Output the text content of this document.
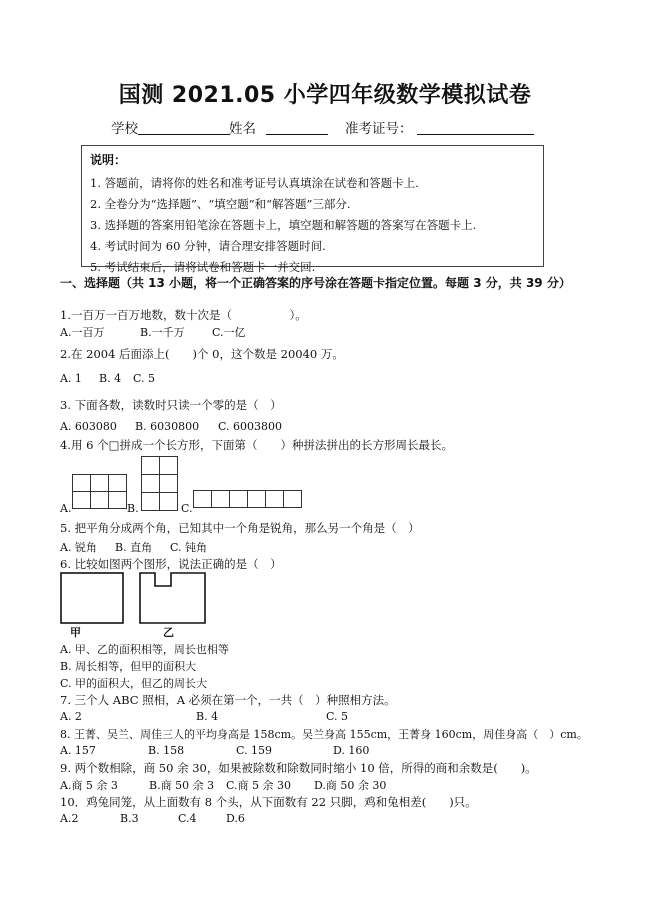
国测 2021.05 小学四年级数学模拟试卷
学校	姓名	准考证号：
说明：
1. 答题前，请将你的姓名和准考证号认真填涂在试卷和答题卡上.
2. 全卷分为“选择题”、“填空题”和“解答题”三部分.
3. 选择题的答案用铅笔涂在答题卡上，填空题和解答题的答案写在答题卡上.
4. 考试时间为 60 分钟，请合理安排答题时间.
5. 考试结束后，请将试卷和答题卡一并交回.
一、选择题（共 13 小题，将一个正确答案的序号涂在答题卡指定位置。每题 3 分，共 39 分）
1.一百万一百万地数，数十次是（　　　　　）。
A.一百万	B.一千万 C.一亿
2.在 2004 后面添上(　　)个 0，这个数是 20040 万。
A. 1 B. 4 C. 5
3. 下面各数，读数时只读一个零的是（　）
A. 603080 B. 6030800 C. 6003800
4.用 6 个□拼成一个长方形，下面第（　　）种拼法拼出的长方形周长最长。
A.	B.	C.
5. 把平角分成两个角，已知其中一个角是锐角，那么另一个角是（　）
A. 锐角 B. 直角 C. 钝角
6. 比较如图两个图形，说法正确的是（　）
甲	乙
A. 甲、乙的面积相等，周长也相等
B. 周长相等，但甲的面积大
C. 甲的面积大，但乙的周长大
7. 三个人 ABC 照相，A 必须在第一个，一共（　）种照相方法。
A. 2	B. 4	C. 5
8. 王菁、吴兰、周佳三人的平均身高是 158cm。吴兰身高 155cm，王菁身 160cm，周佳身高（　）cm。
A. 157	B. 158	C. 159	D. 160
9. 两个数相除，商 50 余 30，如果被除数和除数同时缩小 10 倍，所得的商和余数是(　　)。
A.商 5 余 3	B.商 50 余 3 C.商 5 余 30 D.商 50 余 30
10．鸡兔同笼，从上面数有 8 个头，从下面数有 22 只脚，鸡和兔相差(　　)只。
A.2	B.3	C.4	D.6
